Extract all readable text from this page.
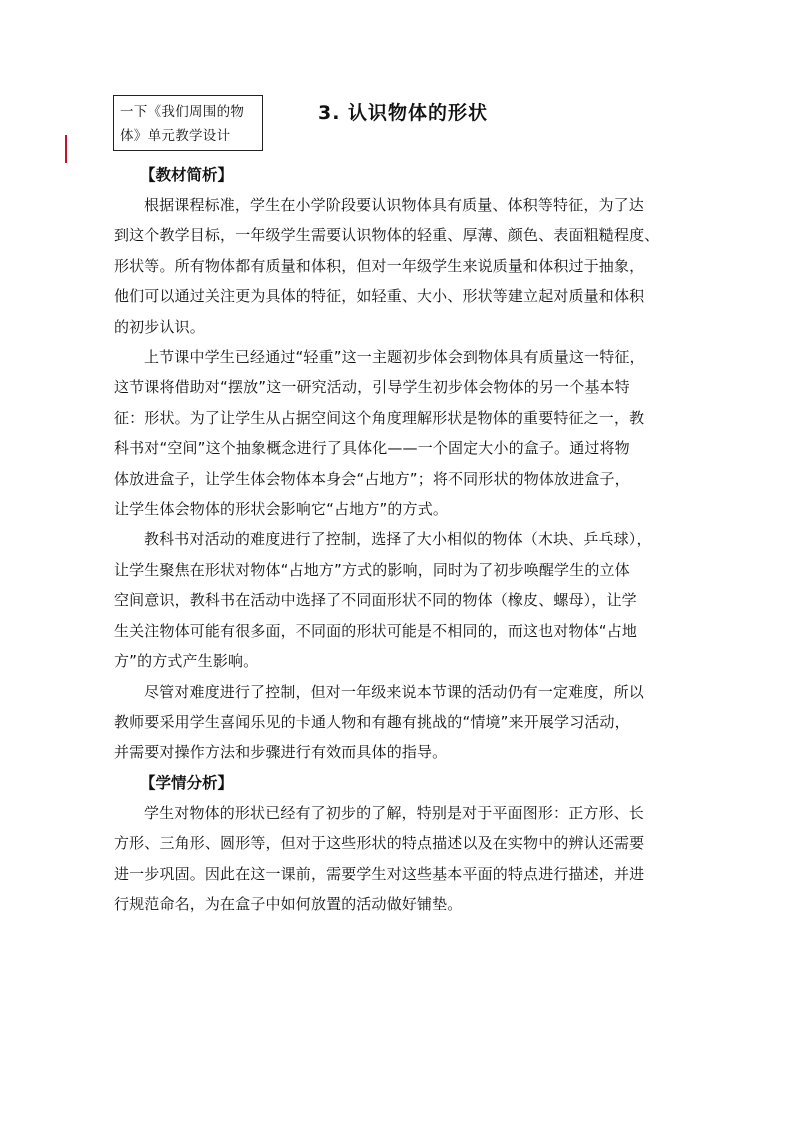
一下《我们周围的物
体》单元教学设计
3. 认识物体的形状
【教材简析】
根据课程标准，学生在小学阶段要认识物体具有质量、体积等特征，为了达
到这个教学目标，一年级学生需要认识物体的轻重、厚薄、颜色、表面粗糙程度、
形状等。所有物体都有质量和体积，但对一年级学生来说质量和体积过于抽象，
他们可以通过关注更为具体的特征，如轻重、大小、形状等建立起对质量和体积
的初步认识。
上节课中学生已经通过“轻重”这一主题初步体会到物体具有质量这一特征，
这节课将借助对“摆放”这一研究活动，引导学生初步体会物体的另一个基本特
征：形状。为了让学生从占据空间这个角度理解形状是物体的重要特征之一，教
科书对“空间”这个抽象概念进行了具体化——一个固定大小的盒子。通过将物
体放进盒子，让学生体会物体本身会“占地方”；将不同形状的物体放进盒子，
让学生体会物体的形状会影响它“占地方”的方式。
教科书对活动的难度进行了控制，选择了大小相似的物体（木块、乒乓球），
让学生聚焦在形状对物体“占地方”方式的影响，同时为了初步唤醒学生的立体
空间意识，教科书在活动中选择了不同面形状不同的物体（橡皮、螺母），让学
生关注物体可能有很多面，不同面的形状可能是不相同的，而这也对物体“占地
方”的方式产生影响。
尽管对难度进行了控制，但对一年级来说本节课的活动仍有一定难度，所以
教师要采用学生喜闻乐见的卡通人物和有趣有挑战的“情境”来开展学习活动，
并需要对操作方法和步骤进行有效而具体的指导。
【学情分析】
学生对物体的形状已经有了初步的了解，特别是对于平面图形：正方形、长
方形、三角形、圆形等，但对于这些形状的特点描述以及在实物中的辨认还需要
进一步巩固。因此在这一课前，需要学生对这些基本平面的特点进行描述，并进
行规范命名，为在盒子中如何放置的活动做好铺垫。
